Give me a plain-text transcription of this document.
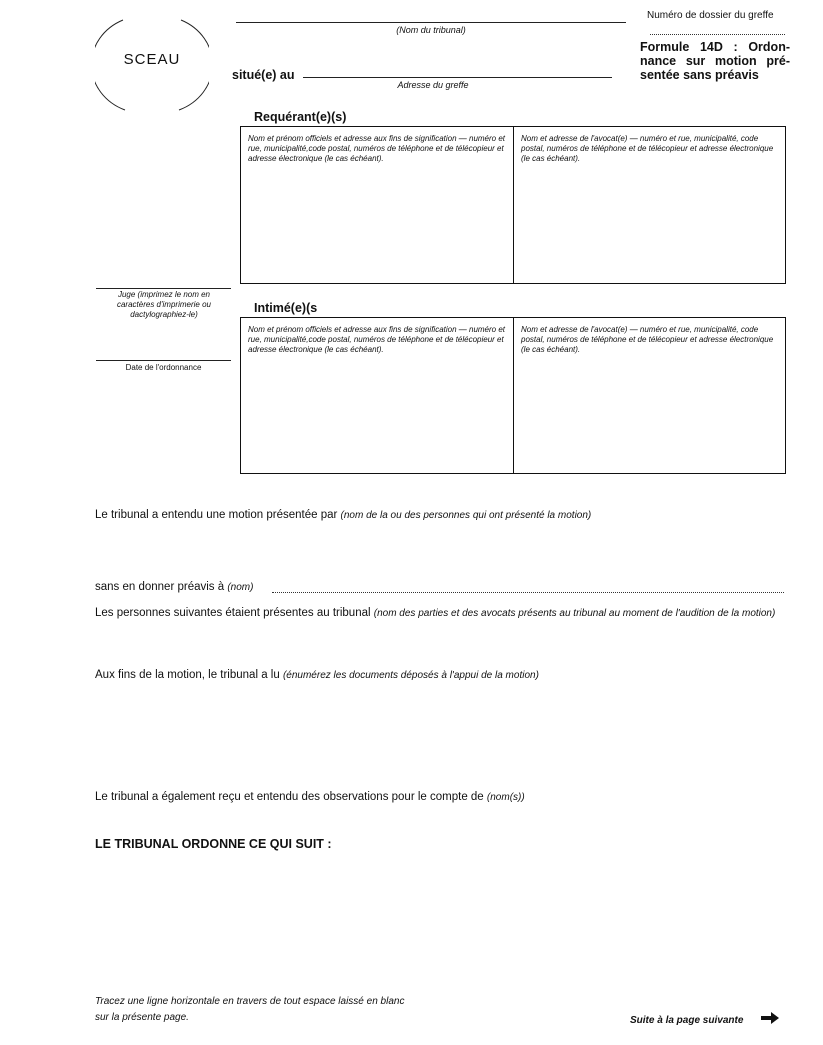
SCEAU
(Nom du tribunal)
Numéro de dossier du greffe
situé(e) au
Adresse du greffe
Formule 14D : Ordon-nance sur motion pré-sentée sans préavis
Juge (imprimez le nom en caractères d'imprimerie ou dactylographiez-le)
Date de l'ordonnance
Requérant(e)(s)
Nom et prénom officiels et adresse aux fins de signification — numéro et rue, municipalité,code postal, numéros de téléphone et de télécopieur et adresse électronique (le cas échéant).
Nom et adresse de l'avocat(e) — numéro et rue, municipalité, code postal, numéros de téléphone et de télécopieur et adresse électronique (le cas échéant).
Intimé(e)(s
Nom et prénom officiels et adresse aux fins de signification — numéro et rue, municipalité,code postal, numéros de téléphone et de télécopieur et adresse électronique (le cas échéant).
Nom et adresse de l'avocat(e) — numéro et rue, municipalité, code postal, numéros de téléphone et de télécopieur et adresse électronique (le cas échéant).
Le tribunal a entendu une motion présentée par (nom de la ou des personnes qui ont présenté la motion)
sans en donner préavis à (nom)
Les personnes suivantes étaient présentes au tribunal (nom des parties et des avocats présents au tribunal au moment de l'audition de la motion)
Aux fins de la motion, le tribunal a lu (énumérez les documents déposés à l'appui de la motion)
Le tribunal a également reçu et entendu des observations pour le compte de (nom(s))
LE TRIBUNAL ORDONNE CE QUI SUIT :
Tracez une ligne horizontale en travers de tout espace laissé en blanc sur la présente page.	Suite à la page suivante
